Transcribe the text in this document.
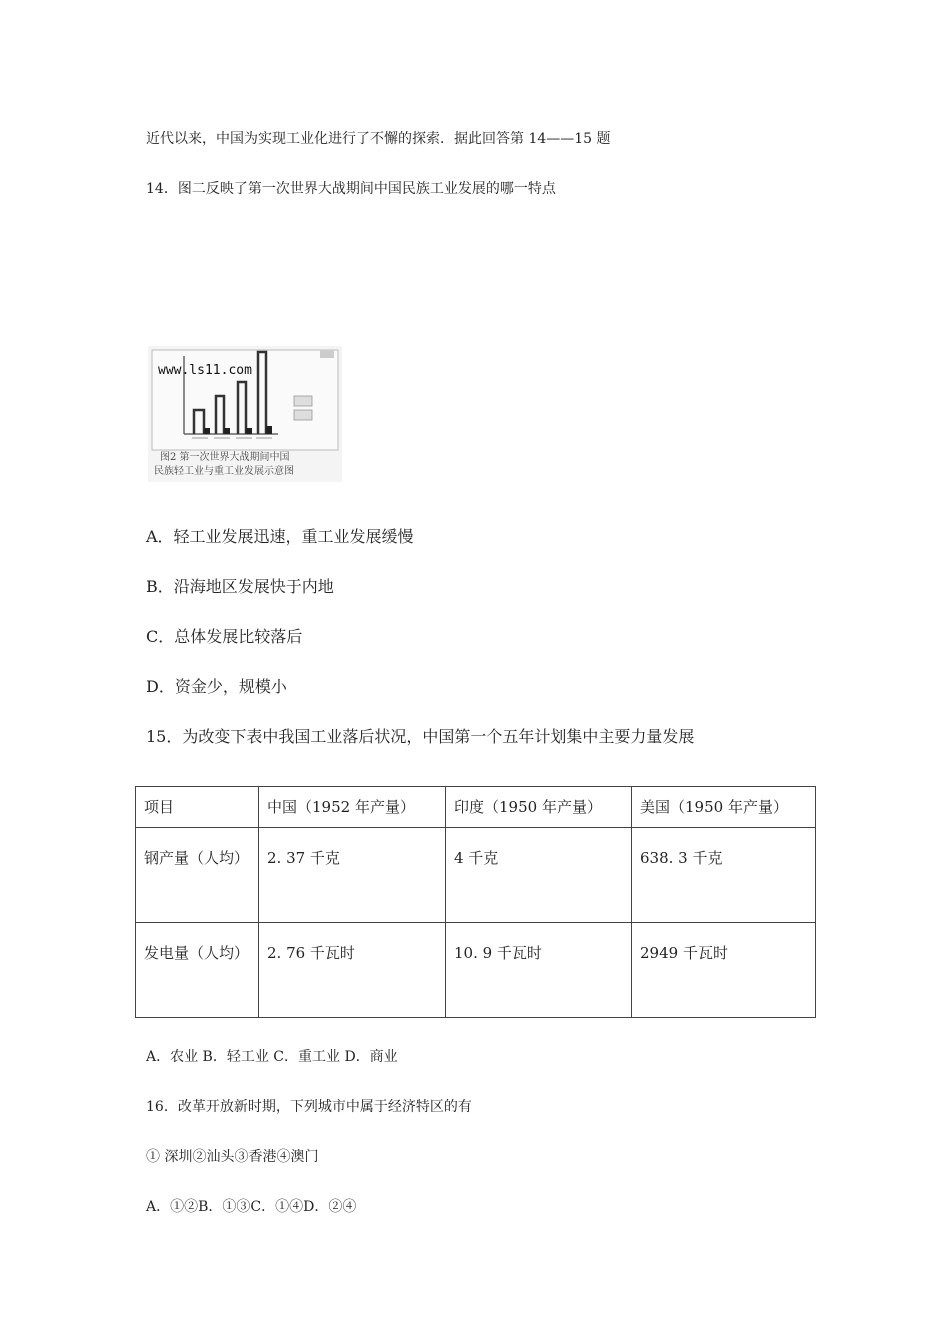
近代以来，中国为实现工业化进行了不懈的探索．据此回答第 14——15 题
14．图二反映了第一次世界大战期间中国民族工业发展的哪一特点
www.ls11.com
图2 第一次世界大战期间中国
民族轻工业与重工业发展示意图
A．轻工业发展迅速，重工业发展缓慢
B．沿海地区发展快于内地
C．总体发展比较落后
D．资金少，规模小
15．为改变下表中我国工业落后状况，中国第一个五年计划集中主要力量发展
项目	中国（1952 年产量）	印度（1950 年产量）	美国（1950 年产量）
钢产量（人均）	2. 37 千克	4 千克	638. 3 千克
发电量（人均）	2. 76 千瓦时	10. 9 千瓦时	2949 千瓦时
A．农业 B．轻工业 C．重工业 D．商业
16．改革开放新时期，下列城市中属于经济特区的有
① 深圳②汕头③香港④澳门
A．①②B．①③C．①④D．②④
